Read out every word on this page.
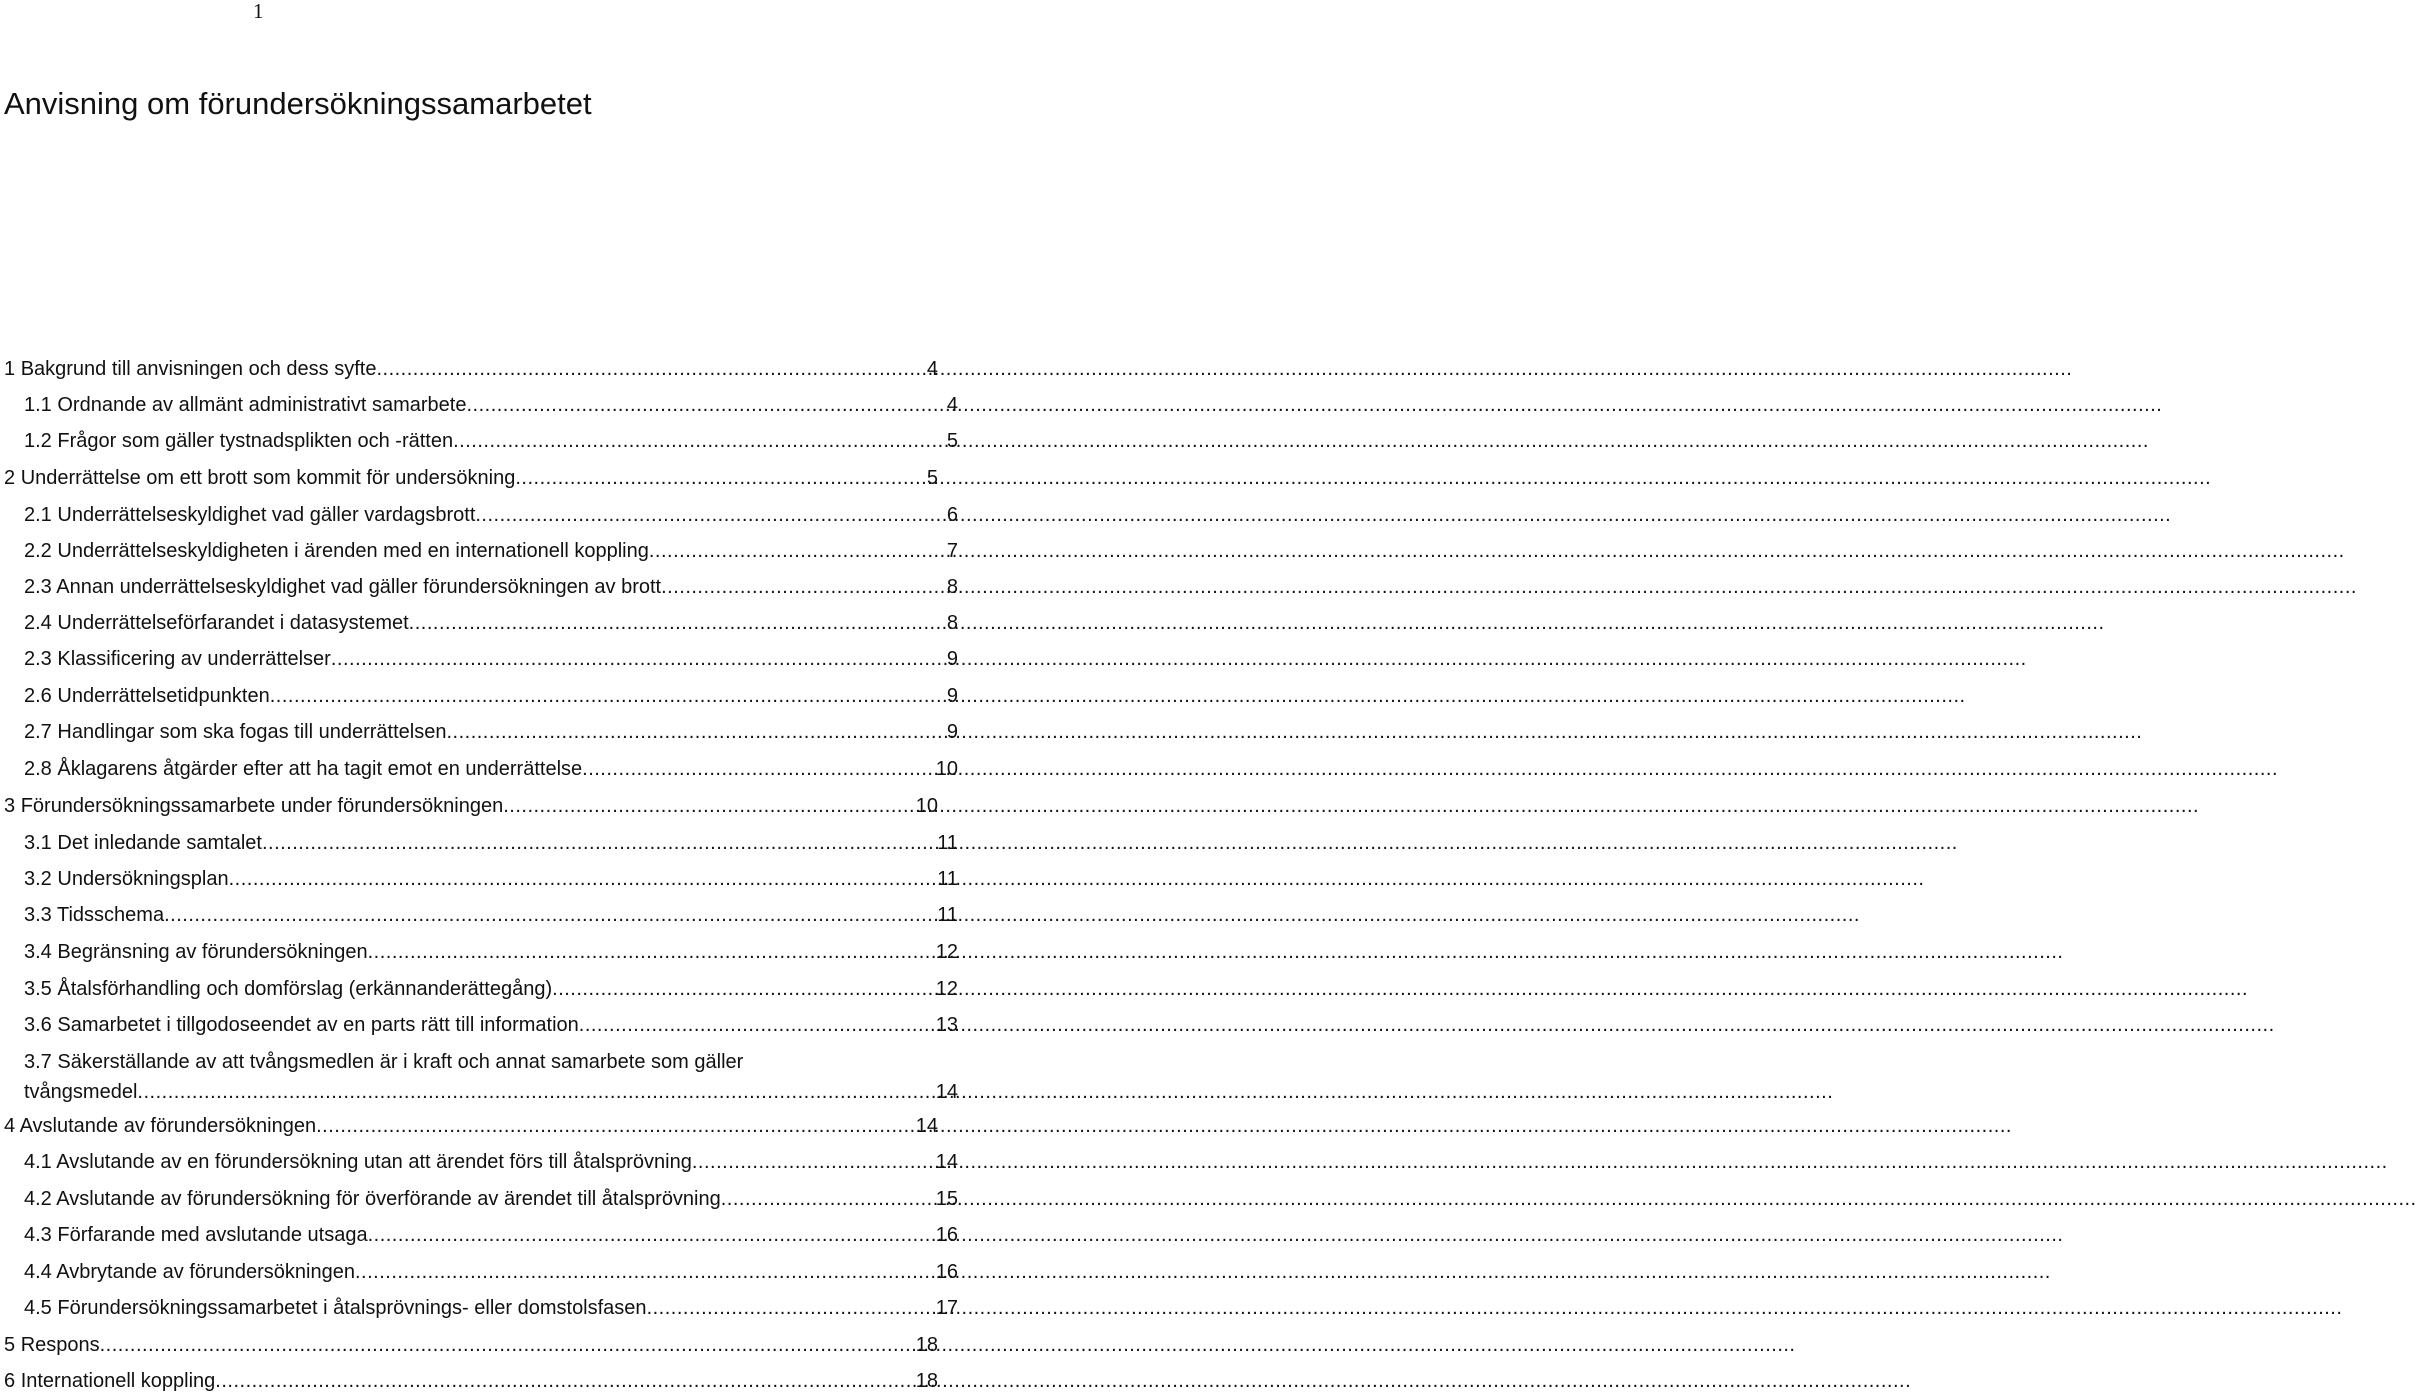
1
Anvisning om förundersökningssamarbetet
1 Bakgrund till anvisningen och dess syfte .....	4
1.1 Ordnande av allmänt administrativt samarbete .....	4
1.2 Frågor som gäller tystnadsplikten och -rätten .....	5
2 Underrättelse om ett brott som kommit för undersökning .....	5
2.1 Underrättelseskyldighet vad gäller vardagsbrott .....	6
2.2 Underrättelseskyldigheten i ärenden med en internationell koppling .....	7
2.3 Annan underrättelseskyldighet vad gäller förundersökningen av brott .....	8
2.4 Underrättelseförfarandet i datasystemet .....	8
2.3 Klassificering av underrättelser .....	9
2.6 Underrättelsetidpunkten .....	9
2.7 Handlingar som ska fogas till underrättelsen .....	9
2.8 Åklagarens åtgärder efter att ha tagit emot en underrättelse .....	10
3 Förundersökningssamarbete under förundersökningen .....	10
3.1 Det inledande samtalet .....	11
3.2 Undersökningsplan .....	11
3.3 Tidsschema .....	11
3.4 Begränsning av förundersökningen .....	12
3.5 Åtalsförhandling och domförslag (erkännanderättegång) .....	12
3.6 Samarbetet i tillgodoseendet av en parts rätt till information .....	13
3.7 Säkerställande av att tvångsmedlen är i kraft och annat samarbete som gäller
tvångsmedel .....	14
4 Avslutande av förundersökningen .....	14
4.1 Avslutande av en förundersökning utan att ärendet förs till åtalsprövning .....	14
4.2 Avslutande av förundersökning för överförande av ärendet till åtalsprövning .....	15
4.3 Förfarande med avslutande utsaga .....	16
4.4 Avbrytande av förundersökningen .....	16
4.5 Förundersökningssamarbetet i åtalsprövnings- eller domstolsfasen .....	17
5 Respons .....	18
6 Internationell koppling .....	18
